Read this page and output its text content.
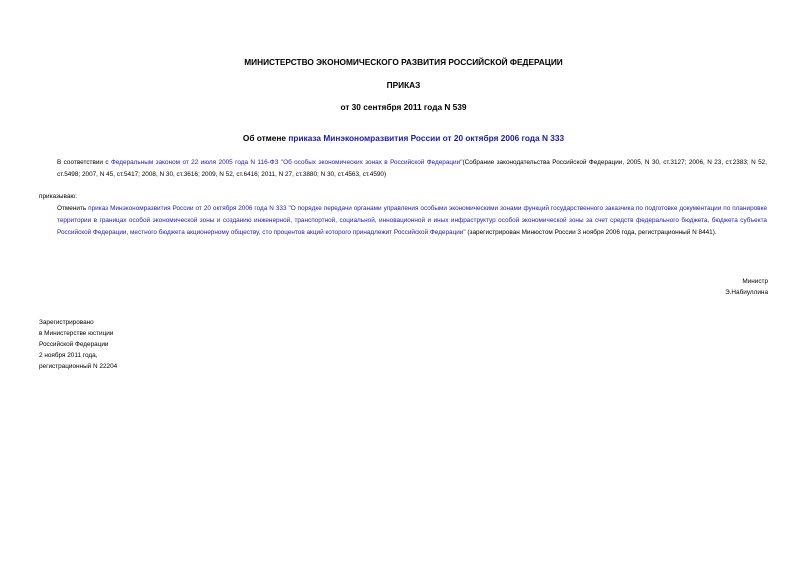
МИНИСТЕРСТВО ЭКОНОМИЧЕСКОГО РАЗВИТИЯ РОССИЙСКОЙ ФЕДЕРАЦИИ
ПРИКАЗ
от 30 сентября 2011 года N 539
Об отмене приказа Минэкономразвития России от 20 октября 2006 года N 333
В соответствии с Федеральным законом от 22 июля 2005 года N 116-ФЗ "Об особых экономических зонах в Российской Федерации"(Собрание законодательства Российской Федерации, 2005, N 30, ст.3127; 2006, N 23, ст.2383; N 52, ст.5498; 2007, N 45, ст.5417; 2008, N 30, ст.3616; 2009, N 52, ст.6416; 2011, N 27, ст.3880; N 30, ст.4563, ст.4590)
приказываю:
Отменить приказ Минэкономразвития России от 20 октября 2006 года N 333 "О порядке передачи органами управления особыми экономическими зонами функций государственного заказчика по подготовке документации по планировке территории в границах особой экономической зоны и созданию инженерной, транспортной, социальной, инновационной и иных инфраструктур особой экономической зоны за счет средств федерального бюджета, бюджета субъекта Российской Федерации, местного бюджета акционерному обществу, сто процентов акций которого принадлежит Российской Федерации" (зарегистрирован Минюстом России 3 ноября 2006 года, регистрационный N 8441).
Министр
Э.Набиуллина
Зарегистрировано
в Министерстве юстиции
Российской Федерации
2 ноября 2011 года,
регистрационный N 22204
